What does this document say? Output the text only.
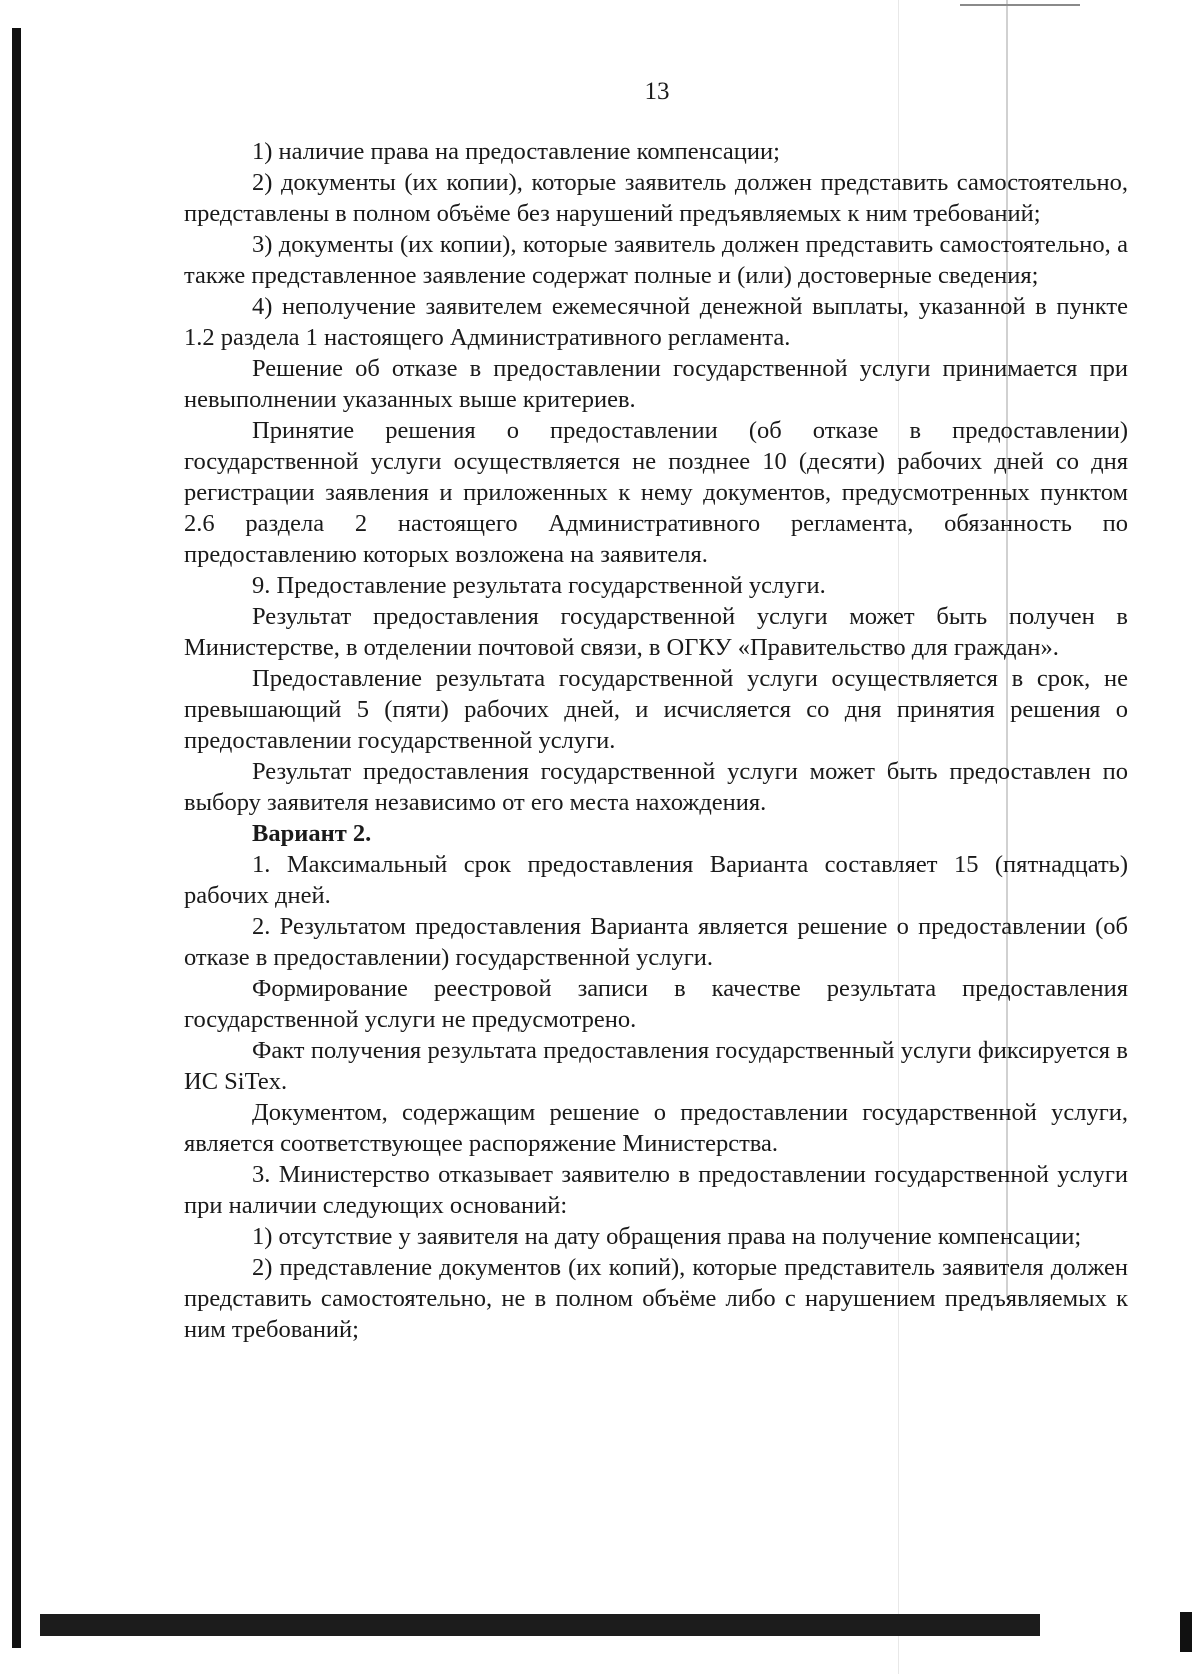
13

1) наличие права на предоставление компенсации;

2) документы (их копии), которые заявитель должен представить самостоятельно, представлены в полном объёме без нарушений предъявляемых к ним требований;

3) документы (их копии), которые заявитель должен представить самостоятельно, а также представленное заявление содержат полные и (или) достоверные сведения;

4) неполучение заявителем ежемесячной денежной выплаты, указанной в пункте 1.2 раздела 1 настоящего Административного регламента.

Решение об отказе в предоставлении государственной услуги принимается при невыполнении указанных выше критериев.

Принятие решения о предоставлении (об отказе в предоставлении) государственной услуги осуществляется не позднее 10 (десяти) рабочих дней со дня регистрации заявления и приложенных к нему документов, предусмотренных пунктом 2.6 раздела 2 настоящего Административного регламента, обязанность по предоставлению которых возложена на заявителя.

9. Предоставление результата государственной услуги.

Результат предоставления государственной услуги может быть получен в Министерстве, в отделении почтовой связи, в ОГКУ «Правительство для граждан».

Предоставление результата государственной услуги осуществляется в срок, не превышающий 5 (пяти) рабочих дней, и исчисляется со дня принятия решения о предоставлении государственной услуги.

Результат предоставления государственной услуги может быть предоставлен по выбору заявителя независимо от его места нахождения.

Вариант 2.

1. Максимальный срок предоставления Варианта составляет 15 (пятнадцать) рабочих дней.

2. Результатом предоставления Варианта является решение о предоставлении (об отказе в предоставлении) государственной услуги.

Формирование реестровой записи в качестве результата предоставления государственной услуги не предусмотрено.

Факт получения результата предоставления государственный услуги фиксируется в ИС SiTex.

Документом, содержащим решение о предоставлении государственной услуги, является соответствующее распоряжение Министерства.

3. Министерство отказывает заявителю в предоставлении государственной услуги при наличии следующих оснований:

1) отсутствие у заявителя на дату обращения права на получение компенсации;

2) представление документов (их копий), которые представитель заявителя должен представить самостоятельно, не в полном объёме либо с нарушением предъявляемых к ним требований;
